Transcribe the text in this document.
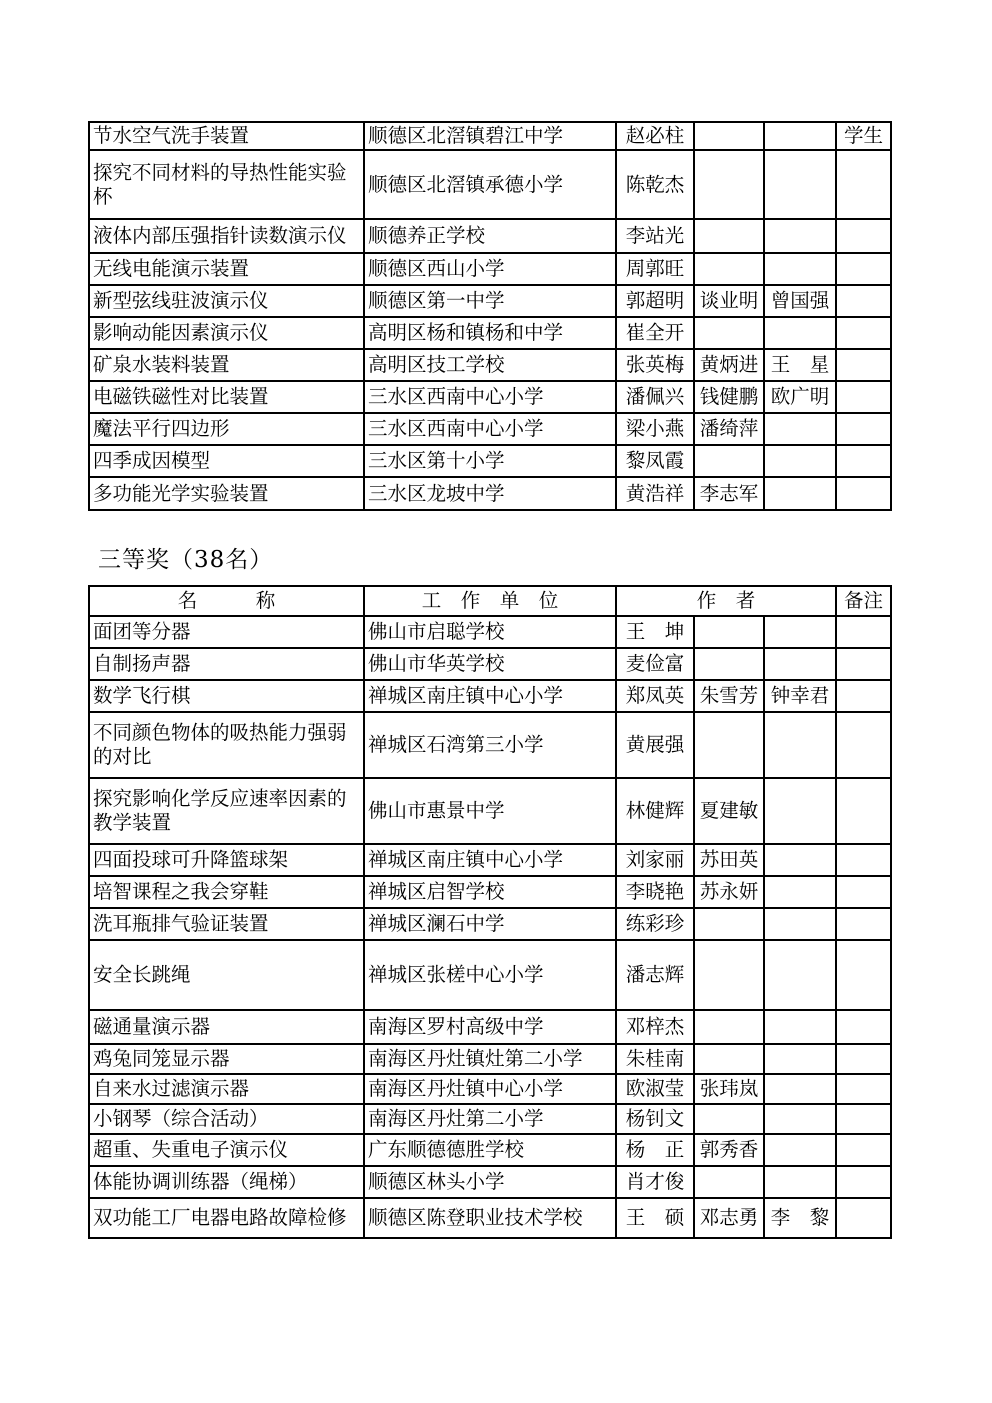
节水空气洗手装置	顺德区北滘镇碧江中学	赵必柱			学生
探究不同材料的导热性能实验杯	顺德区北滘镇承德小学	陈乾杰			
液体内部压强指针读数演示仪	顺德养正学校	李站光			
无线电能演示装置	顺德区西山小学	周郭旺			
新型弦线驻波演示仪	顺德区第一中学	郭超明	谈业明	曾国强	
影响动能因素演示仪	高明区杨和镇杨和中学	崔全开			
矿泉水装料装置	高明区技工学校	张英梅	黄炳进	王　星	
电磁铁磁性对比装置	三水区西南中心小学	潘佩兴	钱健鹏	欧广明	
魔法平行四边形	三水区西南中心小学	梁小燕	潘绮萍		
四季成因模型	三水区第十小学	黎凤霞			
多功能光学实验装置	三水区龙坡中学	黄浩祥	李志军		
三等奖（38名）
名　　　称	工　作　单　位	作　者			备注
面团等分器	佛山市启聪学校	王　坤			
自制扬声器	佛山市华英学校	麦俭富			
数学飞行棋	禅城区南庄镇中心小学	郑凤英	朱雪芳	钟幸君	
不同颜色物体的吸热能力强弱的对比	禅城区石湾第三小学	黄展强			
探究影响化学反应速率因素的教学装置	佛山市惠景中学	林健辉	夏建敏		
四面投球可升降篮球架	禅城区南庄镇中心小学	刘家丽	苏田英		
培智课程之我会穿鞋	禅城区启智学校	李晓艳	苏永妍		
洗耳瓶排气验证装置	禅城区澜石中学	练彩珍			
安全长跳绳	禅城区张槎中心小学	潘志辉			
磁通量演示器	南海区罗村高级中学	邓梓杰			
鸡兔同笼显示器	南海区丹灶镇灶第二小学	朱桂南			
自来水过滤演示器	南海区丹灶镇中心小学	欧淑莹	张玮岚		
小钢琴（综合活动）	南海区丹灶第二小学	杨钊文			
超重、失重电子演示仪	广东顺德德胜学校	杨　正	郭秀香		
体能协调训练器（绳梯）	顺德区林头小学	肖才俊			
双功能工厂电器电路故障检修	顺德区陈登职业技术学校	王　硕	邓志勇	李　黎	
